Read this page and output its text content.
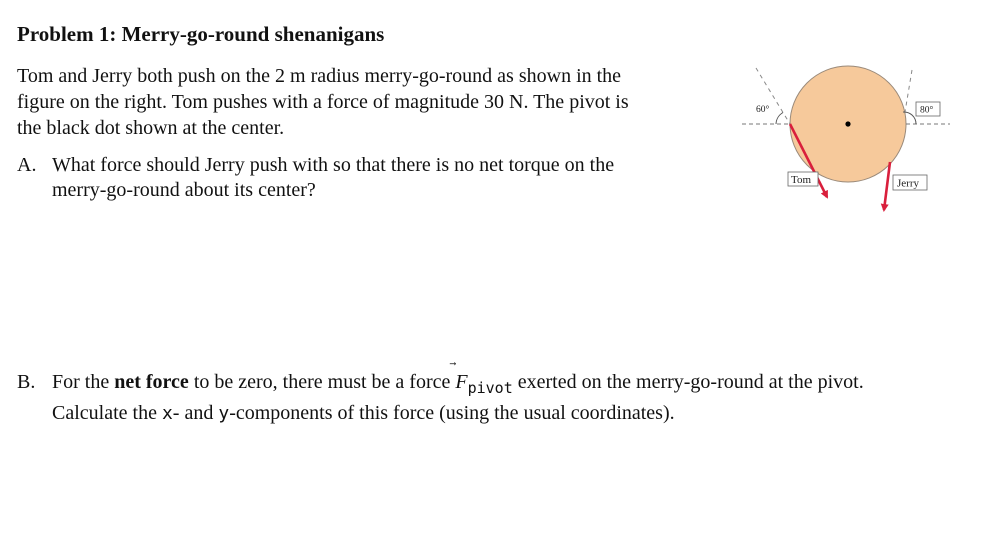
Problem 1: Merry-go-round shenanigans
Tom and Jerry both push on the 2 m radius merry-go-round as shown in the
figure on the right. Tom pushes with a force of magnitude 30 N. The pivot is
the black dot shown at the center.
A. What force should Jerry push with so that there is no net torque on the
merry-go-round about its center?
B. For the net force to be zero, there must be a force
$F_{pivot}$ exerted on the merry-go-round at the pivot.
Calculate the x- and y-components of this force (using the usual coordinates).
60°	80°
Tom	Jerry
